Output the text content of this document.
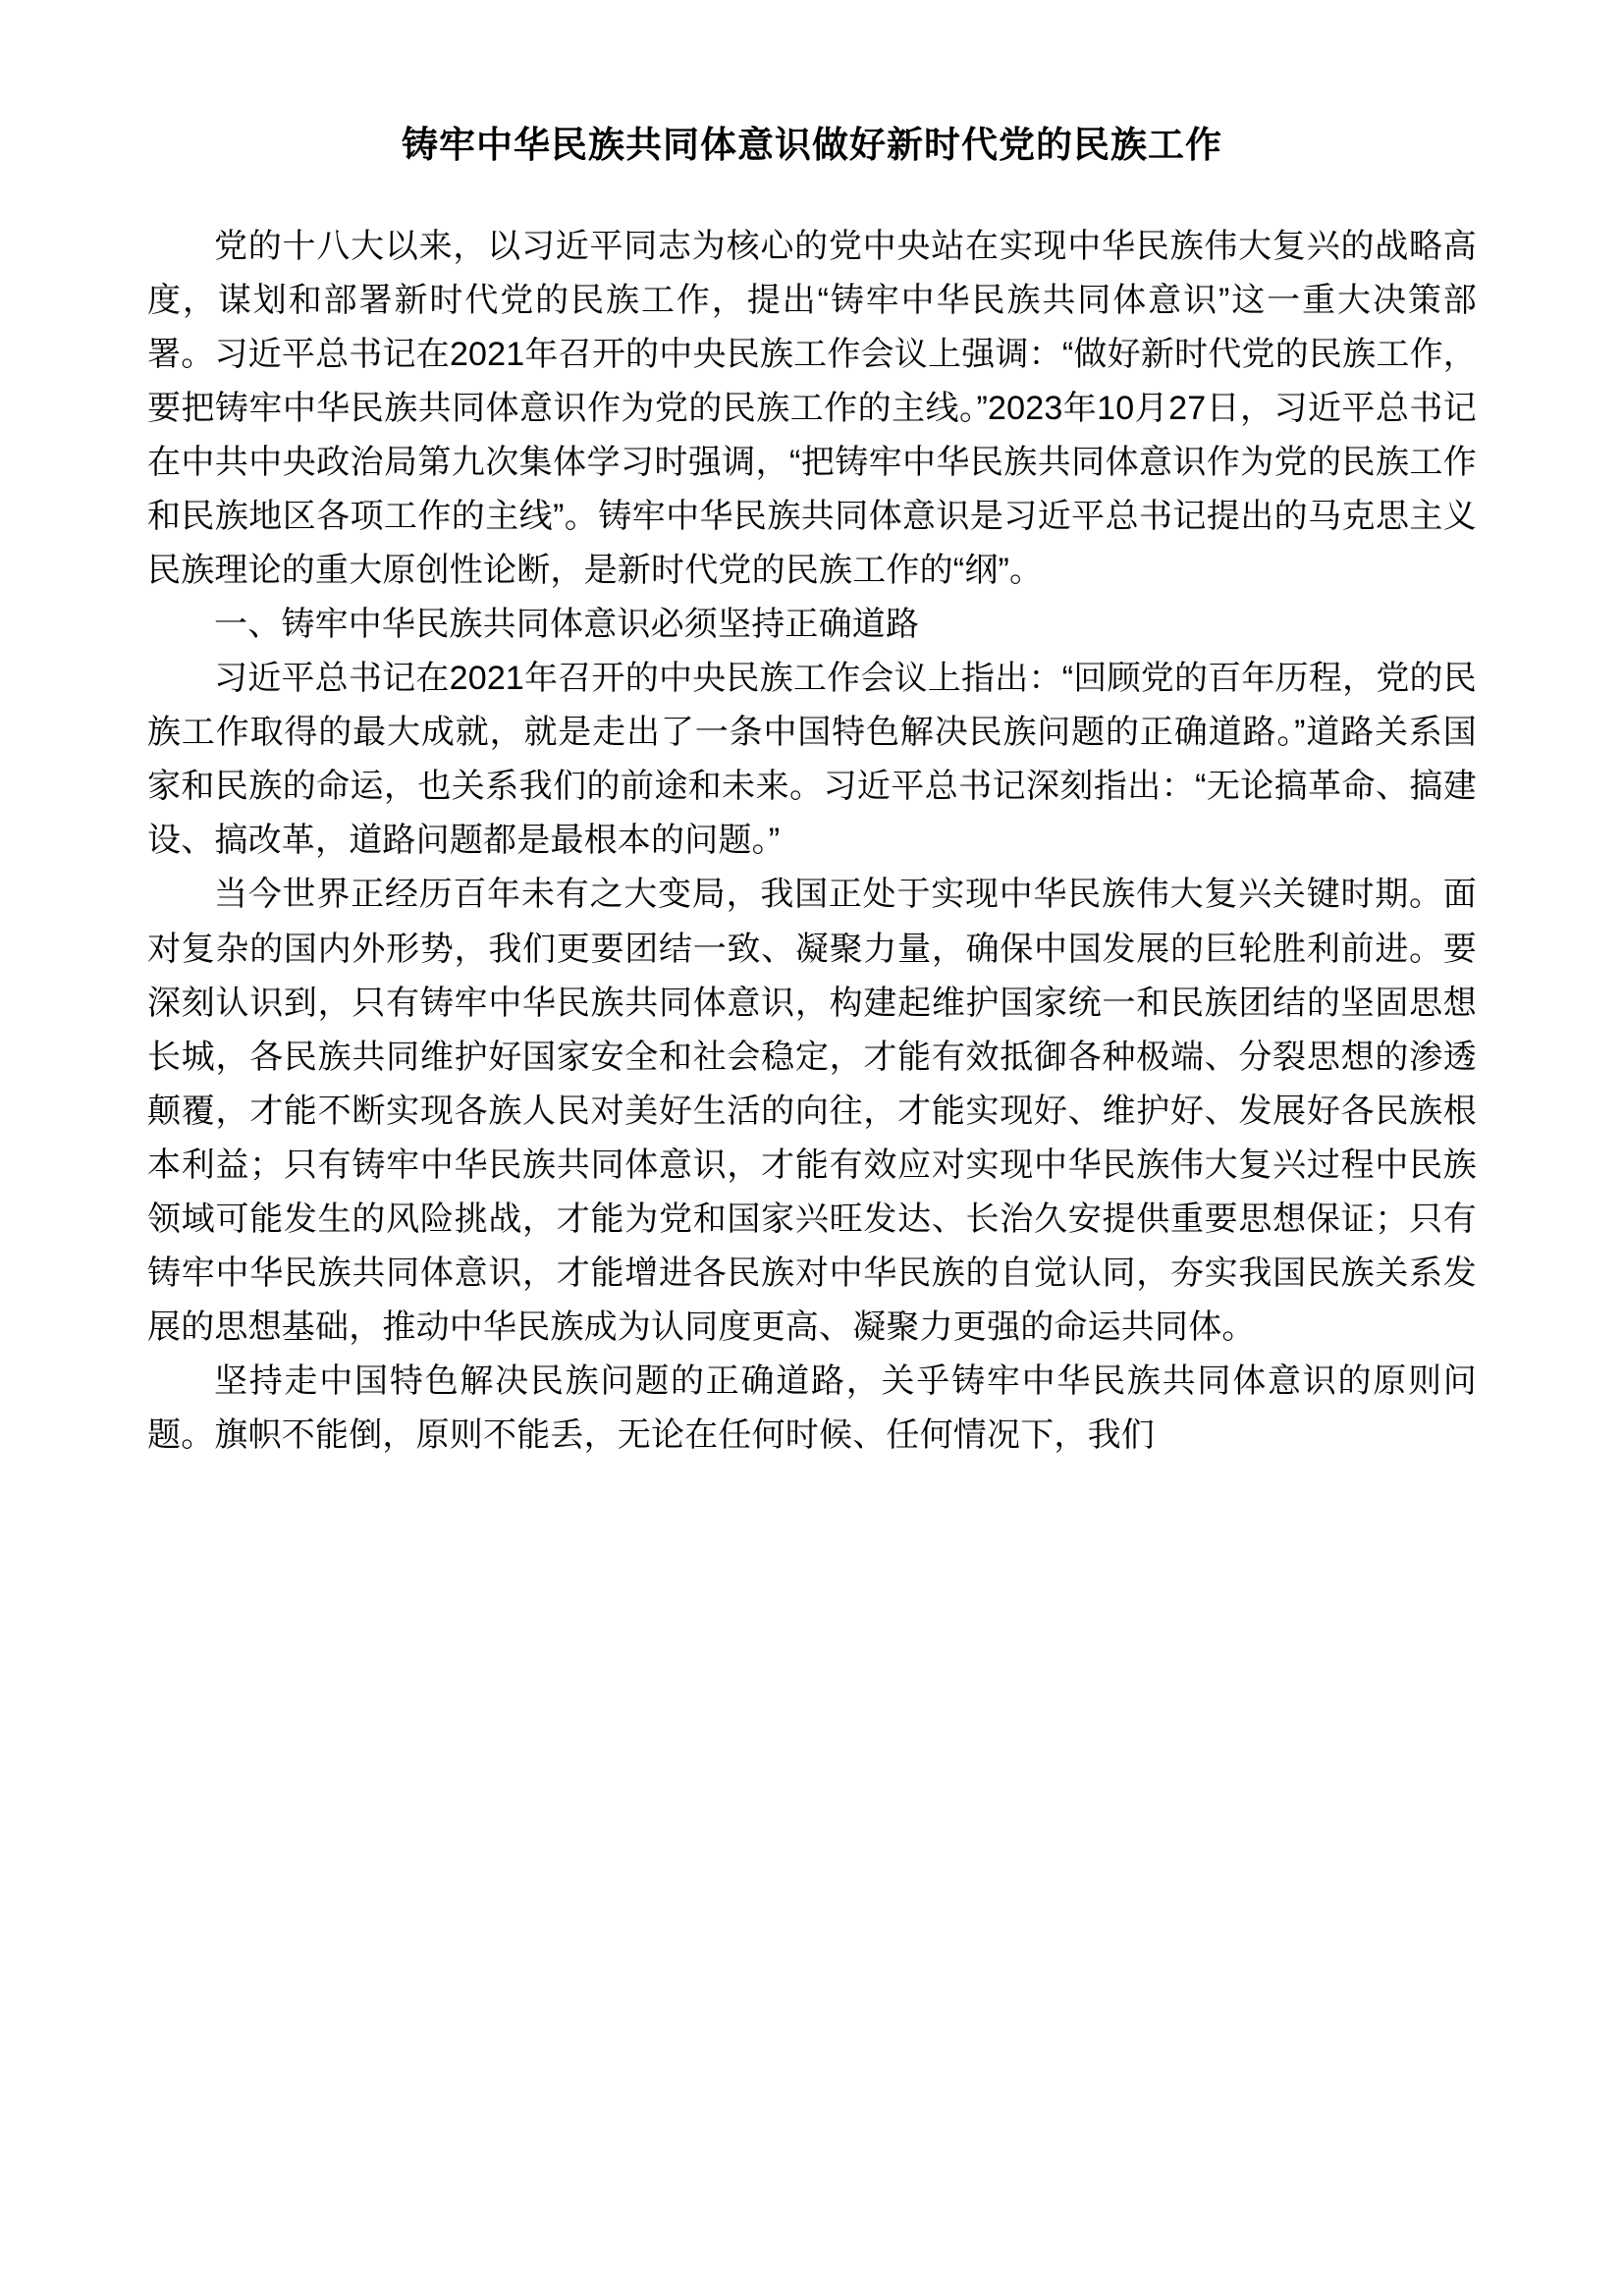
铸牢中华民族共同体意识做好新时代党的民族工作

党的十八大以来，以习近平同志为核心的党中央站在实现中华民族伟大复兴的战略高度，谋划和部署新时代党的民族工作，提出“铸牢中华民族共同体意识”这一重大决策部署。习近平总书记在2021年召开的中央民族工作会议上强调：“做好新时代党的民族工作，要把铸牢中华民族共同体意识作为党的民族工作的主线。”2023年10月27日，习近平总书记在中共中央政治局第九次集体学习时强调，“把铸牢中华民族共同体意识作为党的民族工作和民族地区各项工作的主线”。铸牢中华民族共同体意识是习近平总书记提出的马克思主义民族理论的重大原创性论断，是新时代党的民族工作的“纲”。

一、铸牢中华民族共同体意识必须坚持正确道路

习近平总书记在2021年召开的中央民族工作会议上指出：“回顾党的百年历程，党的民族工作取得的最大成就，就是走出了一条中国特色解决民族问题的正确道路。”道路关系国家和民族的命运，也关系我们的前途和未来。习近平总书记深刻指出：“无论搞革命、搞建设、搞改革，道路问题都是最根本的问题。”

当今世界正经历百年未有之大变局，我国正处于实现中华民族伟大复兴关键时期。面对复杂的国内外形势，我们更要团结一致、凝聚力量，确保中国发展的巨轮胜利前进。要深刻认识到，只有铸牢中华民族共同体意识，构建起维护国家统一和民族团结的坚固思想长城，各民族共同维护好国家安全和社会稳定，才能有效抵御各种极端、分裂思想的渗透颠覆，才能不断实现各族人民对美好生活的向往，才能实现好、维护好、发展好各民族根本利益；只有铸牢中华民族共同体意识，才能有效应对实现中华民族伟大复兴过程中民族领域可能发生的风险挑战，才能为党和国家兴旺发达、长治久安提供重要思想保证；只有铸牢中华民族共同体意识，才能增进各民族对中华民族的自觉认同，夯实我国民族关系发展的思想基础，推动中华民族成为认同度更高、凝聚力更强的命运共同体。

坚持走中国特色解决民族问题的正确道路，关乎铸牢中华民族共同体意识的原则问题。旗帜不能倒，原则不能丢，无论在任何时候、任何情况下，我们
